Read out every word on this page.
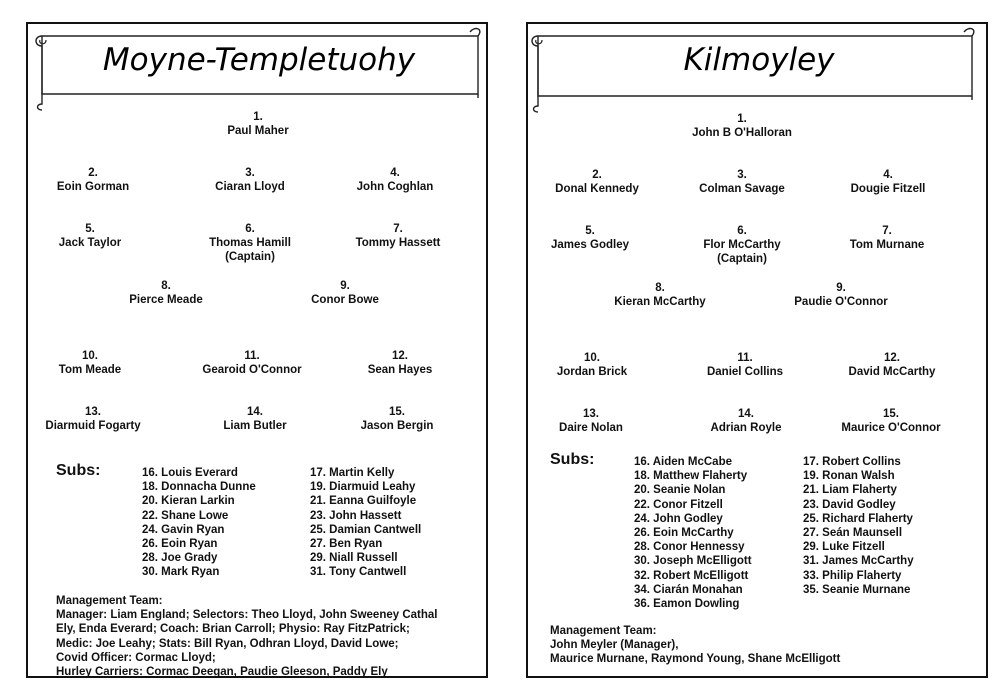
Moyne-Templetuohy
1.
Paul Maher
2.
Eoin Gorman
3.
Ciaran Lloyd
4.
John Coghlan
5.
Jack Taylor
6.
Thomas Hamill
(Captain)
7.
Tommy Hassett
8.
Pierce Meade
9.
Conor Bowe
10.
Tom Meade
11.
Gearoid O'Connor
12.
Sean Hayes
13.
Diarmuid Fogarty
14.
Liam Butler
15.
Jason Bergin
Subs:	16. Louis Everard
18. Donnacha Dunne
20. Kieran Larkin
22. Shane Lowe
24. Gavin Ryan
26. Eoin Ryan
28. Joe Grady
30. Mark Ryan
17. Martin Kelly
19. Diarmuid Leahy
21. Eanna Guilfoyle
23. John Hassett
25. Damian Cantwell
27. Ben Ryan
29. Niall Russell
31. Tony Cantwell
Management Team:
Manager: Liam England; Selectors: Theo Lloyd, John Sweeney Cathal
Ely, Enda Everard; Coach: Brian Carroll; Physio: Ray FitzPatrick;
Medic: Joe Leahy; Stats: Bill Ryan, Odhran Lloyd, David Lowe;
Covid Officer: Cormac Lloyd;
Hurley Carriers: Cormac Deegan, Paudie Gleeson, Paddy Ely
Kilmoyley
1.
John B O'Halloran
2.
Donal Kennedy
3.
Colman Savage
4.
Dougie Fitzell
5.
James Godley
6.
Flor McCarthy
(Captain)
7.
Tom Murnane
8.
Kieran McCarthy
9.
Paudie O'Connor
10.
Jordan Brick
11.
Daniel Collins
12.
David McCarthy
13.
Daire Nolan
14.
Adrian Royle
15.
Maurice O'Connor
Subs:	16. Aiden McCabe
18. Matthew Flaherty
20. Seanie Nolan
22. Conor Fitzell
24. John Godley
26. Eoin McCarthy
28. Conor Hennessy
30. Joseph McElligott
32. Robert McElligott
34. Ciarán Monahan
36. Eamon Dowling
17. Robert Collins
19. Ronan Walsh
21. Liam Flaherty
23. David Godley
25. Richard Flaherty
27. Seán Maunsell
29. Luke Fitzell
31. James McCarthy
33. Philip Flaherty
35. Seanie Murnane
Management Team:
John Meyler (Manager),
Maurice Murnane, Raymond Young, Shane McElligott
